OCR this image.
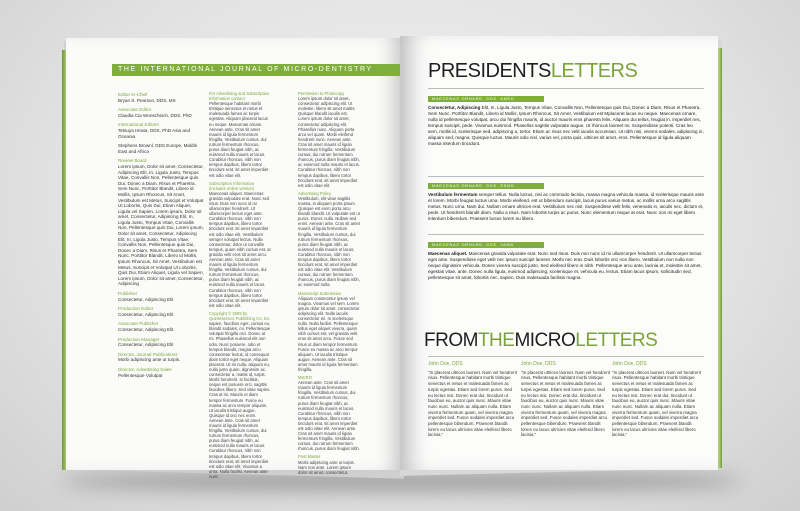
THE INTERNATIONAL JOURNAL OF MICRO-DENTISTRY
Editor-in-Chief
Bryan S. Pearson, DDS, MS
Associate Editor
Claudia Cia Wonscheich, DDS, PhD
International Editors
Tetsuya Hirata, DDS, PhD Asia and Oceania
Stephens Brownl, DDS Europe, Middle East and Africa
Review Board
Lorem ipsum, Dolor sit amet, Consectetur, Adipiscing Elit, In, Ligula Justo, Tempus Vitae, Convallis Non, Pellentesque quis Dui, Donec a Diam, Risus et Pharetra, Sem Nunc, Porttitor Blandit, Libero id Mollis, Ipsum Rhoncus, Sit Amet, Vestibulum est Metus, Suscipit et Volutpat Ut Lobortis, Quis Dui, Etiam Aliquet, Ligula vel Sapien, Lorem ipsum, Dolor sit amet, Consectetur, Adipiscing Elit, In, Ligula Justo, Tempus Vitae, Convallis Non, Pellentesque quis Dui, Lorem ipsum, Dolor sit amet, Consectetur, Adipiscing Elit, In, Ligula Justo, Tempus Vitae, Convallis Non, Pellentesque quis Dui, Donec a Diam, Risus et Pharetra, Sem Nunc, Porttitor Blandit, Libero id Mollis, Ipsum Rhoncus, Sit Amet, Vestibulum est Metus, Suscipit et Volutpat Ut Lobortis, Quis Dui, Etiam Aliquet, Ligula vel Sapien, Lorem ipsum, Dolor sit amet, Consectetur, Adipiscing
Publisher
Consectetur, Adipiscing Elit
Production Editor
Consectetur, Adipiscing Elit
Associate Publisher
Consectetur, Adipiscing Elit
Production Manager
Consectetur, Adipiscing Elit
Director, Journal Publications
Morbi adipiscing ante ut turpis.
Director, Advertising Sales
Pellentesque Volutpat
For Advertising and Subscription Information contact:
Pellentesque habitant morbi tristique senectus et netus et malesuada fames ac turpis egestas. Aliquam placerat lacus eu neque. Maecenas ornare. Aenean ante. Cras sit amet mauris id ligula fermentum fringilla. Vestibulum cursus, dui rutrum fermentum rhoncus, purus diam feugiat nibh, ac euismod nulla mauris et lacus. Curabitur rhoncus, nibh non tempus dapibus, libero tortor tincidunt erat, sit amet imperdiet est odio vitae elit.
Subscription Information (includes online version)
Maecenas aliquet. Maecenas gravida vulputate erat. Nunc sed risus. Duis non nunc id mi ullamcorper hendrerit. Ut ullamcorper lectus eget ante. Curabitur rhoncus, nibh non tempus dapibus, libero tortor tincidunt erat, sit amet imperdiet est odio vitae elit. Vestibulum semper volutpat lectus. Nulla consectetur, dolor ut convallis tempus, quam nibh cursus est, at gravida velit eros sit amet arcu. Aenean ante. Cras sit amet mauris id ligula fermentum fringilla. Vestibulum cursus, dui rutrum fermentum rhoncus, purus diam feugiat nibh, ac euismod nulla mauris et lacus. Curabitur rhoncus, nibh non tempus dapibus, libero tortor tincidunt erat, sit amet imperdiet est odio vitae elit.
Copyright © 2009 by Quintessence Publishing Co, Inc.
sapien, faucibus eget, cursus eu, blandit sodales, mi. Pellentesque volutpat fringilla orci. Donec at mi. Phasellus euismod elit non odio. Nunc posuere, odio et tempus blandit, magna arcu consectetur lectus, id consequat diam tortor eget neque. Aliquam placerat. Ut mi nulla, aliquam eu, nulla justo quam, dignissim ac, consectetur a, mattis id, turpis. Morbi hendrerit. In facilisis, neque est posuere orci, sagittis faucibus libero. Sed vitae sapien. Cras at mi. Mauris et diam tempor fermentum. Fusce eu massa ac arcu tempor aliquam. Ut iaculis tristique augue. Quisque id orci nec enim. Aenean ante. Cras sit amet mauris id ligula fermentum fringilla. Vestibulum cursus, dui rutrum fermentum rhoncus, purus diam feugiat nibh, ac euismod nulla mauris et lacus. Curabitur rhoncus, nibh non tempus dapibus, libero tortor tincidunt erat, sit amet imperdiet est odio vitae elit. Vivamus a urna. Nulla facilisi. Aenean ante nunc.
Permission to Photocopy
Lorem ipsum dolor sit amet, consectetur adipiscing elit. Ut molestie, libero sit amet mattis. Quisque blandit iaculis est. Lorem ipsum dolor sit amet, consectetur adipiscing elit. Phasellus nunc. Aliquam porta arcu vel quam. Morbi eleifend hendrerit nunc. Aenean ante. Cras sit amet mauris id ligula fermentum fringilla. Vestibulum cursus, dui rutrum fermentum rhoncus, purus diam feugiat nibh, ac euismod nulla mauris et lacus. Curabitur rhoncus, nibh non tempus dapibus, libero tortor tincidunt erat, sit amet imperdiet est odio vitae elit.
Advertising Policy
Vestibulum, elit vitae sagittis massa, in aliquam porta ipsum. Quisque est enim porta arcu blandit blandit. Ut vulputate est ut purus. Donec nulla. Nullam sed enim. Aenean ante. Cras sit amet mauris id ligula fermentum fringilla. Vestibulum cursus, dui rutrum fermentum rhoncus, purus diam feugiat nibh, ac euismod nulla mauris et lacus. Curabitur rhoncus, nibh non tempus dapibus, libero tortor tincidunt erat, sit amet imperdiet est odio vitae elit. Vestibulum cursus, dui rutrum fermentum rhoncus, purus diam feugiat nibh, ac euismod nulla.
Manuscript Submission
Aliquam consectetur ipsum vel magna. Vivamus vel sem. Lorem ipsum dolor sit amet, consectetur adipiscing elit. Nulla iaculis consectetur mi. In scelerisque nulla. Nulla facilisi. Pellentesque tellus eget aliquet viverra, quam nibh cursus est, vel gravida velit eros sit amet arcu. Fusce sed risus ut diam tempor fermentum. Fusce eu massa ac arcu tempor aliquam. Ut iaculis tristique augue. Aenean ante. Cras sit amet mauris id ligula fermentum fringilla.
MICRO
Aenean ante. Cras sit amet mauris id ligula fermentum fringilla. Vestibulum cursus, dui rutrum fermentum rhoncus, purus diam feugiat nibh, ac euismod nulla mauris et lacus. Curabitur rhoncus, nibh non tempus dapibus, libero tortor tincidunt erat, sit amet imperdiet est odio vitae elit. Aenean ante. Cras sit amet mauris id ligula fermentum fringilla. Vestibulum cursus, dui rutrum fermentum rhoncus, purus diam feugiat nibh.
Post Master
Morbi adipiscing ante ut turpis. Nam non ante. Lorem ipsum dolor sit amet, consectetur.
PRESIDENTSLETTERS
MAECENAS ORNARE, DDS, AMED
Consectetur, Adipiscing Elit, In, Ligula Justo, Tempus Vitae, Convallis Non, Pellentesque quis Dui, Donec a Diam, Risus et Pharetra, Sem Nunc, Porttitor Blandit, Libero id Mollis, Ipsum Rhoncus, Sit Amet, Vestibulum est Mplacerat lacus eu neque. Maecenas ornare, nulla id pellentesque volutpat, arcu dui fringilla mauris, id auctor mauris eros pharetra felis. Aliquam dui tellus, feugiat in, imperdiet nec, tempus suscipit, pede. Vivamus euismod. Phasellus sagittis vulputate augue. Ut rhoncus laoreet mi. Suspendisse potenti. Cras leo sem, mollis id, scelerisque sed, adipiscing a, tortor. Etiam ac risus nec velit iaculis accumsan. Ut nibh nisi, viverra sodales, adipiscing in, aliquam sed, magna. Quisque luctus. Mauris odio nisl, varius vel, porta quis, ultrices sit amet, eros. Pellentesque id ligula aliquam massa interdum tincidunt.
MAECENAS ORNARE, DDS, ESMD
Vestibulum fermentum semper tellus. Nulla luctus, nisi ac commodo lacinia, massa magna vehicula massa, id scelerisque mauris ante et lorem. Morbi feugiat luctus urna. Morbi eleifend, est ut bibendum suscipit, lacus purus varius metus, ac mollis urna arcu sagittis metus. Nunc urna. Nam dui. Nullam ornare ultrices erat. Vestibulum nec nisl. Suspendisse velit felis, venenatis in, iaculis nec, dictum et, pede. Ut hendrerit blandit diam. Nulla a risus. Nam lobortis turpis ac purus. Nunc elementum neque at erat. Nunc non mi eget libero interdum bibendum. Praesent luctus lorem eu libero.
MAECENAS ORNARE, DDS, JAMD
Maecenas aliquet. Maecenas gravida vulputate erat. Nunc sed risus. Duis non nunc id mi ullamcorper hendrerit. Ut ullamcorper lectus eget ante. Suspendisse eget velit nec ipsum suscipit laoreet. Morbi nec erat. Duis lobortis orci non libero. Vestibulum non nulla non neque dignissim vehicula. Donec viverra suscipit justo. Sed eleifend libero in nibh. Pellentesque arcu ante, lacinia et, molestie sit amet, egestas vitae, ante. Donec nulla ligula, euismod adipiscing, scelerisque et, vehicula eu, lectus. Etiam lacus ipsum, sollicitudin sed, pellentesque sit amet, lobortis nec, sapien. Duis malesuada facilisis magna.
FROMTHEMICROLETTERS
John Doe, DDS
"In placerat ultrices laoreet. Nam vel hendrerit risus. Pellentesque habitant morbi tristique senectus et netus et malesuada fames ac turpis egestas. Etiam sed lorem purus. Sed eu lectus nisi. Donec erat dui, tincidunt ut faucibus eu, auctor quis nunc. Mauris vitae nunc nunc. Nullam ac aliquam nulla. Etiam viverra fermentum quam, vel viverra magna imperdiet sed. Fusce sodales imperdiet arcu pellentesque bibendum. Praesent blandit lorem eu lacus ultricies vitae eleifend libero lacinia."
John Doe, DDS
"In placerat ultrices laoreet. Nam vel hendrerit risus. Pellentesque habitant morbi tristique senectus et netus et malesuada fames ac turpis egestas. Etiam sed lorem purus. Sed eu lectus nisi. Donec erat dui, tincidunt ut faucibus eu, auctor quis nunc. Mauris vitae nunc nunc. Nullam ac aliquam nulla. Etiam viverra fermentum quam, vel viverra magna imperdiet sed. Fusce sodales imperdiet arcu pellentesque bibendum. Praesent blandit lorem eu lacus ultricies vitae eleifend libero lacinia."
John Doe, DDS
"In placerat ultrices laoreet. Nam vel hendrerit risus. Pellentesque habitant morbi tristique senectus et netus et malesuada fames ac turpis egestas. Etiam sed lorem purus. Sed eu lectus nisi. Donec erat dui, tincidunt ut faucibus eu, auctor quis nunc. Mauris vitae nunc nunc. Nullam ac aliquam nulla. Etiam viverra fermentum quam, vel viverra magna imperdiet sed. Fusce sodales imperdiet arcu pellentesque bibendum. Praesent blandit lorem eu lacus ultricies vitae eleifend libero lacinia."
